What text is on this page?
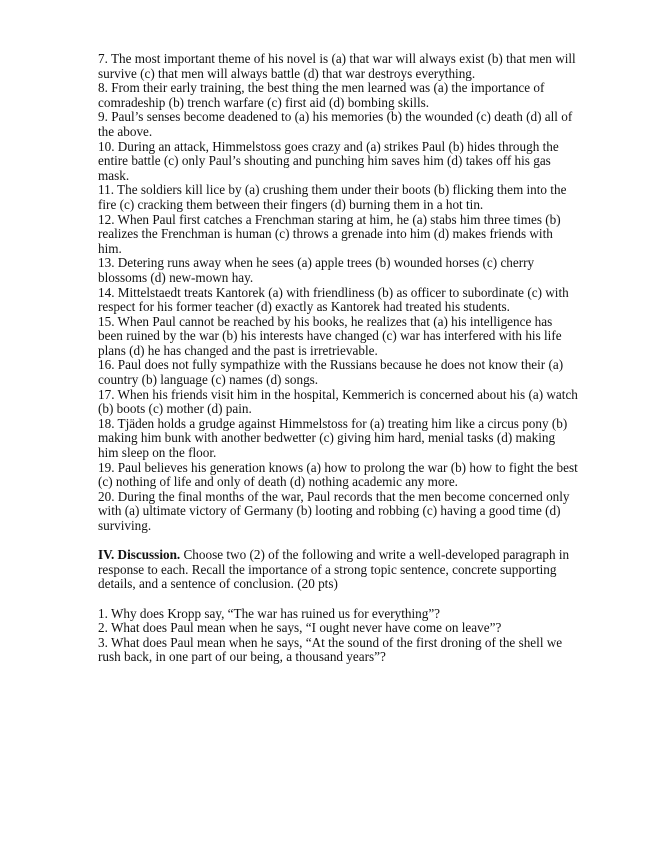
7. The most important theme of his novel is (a) that war will always exist (b) that men will survive (c) that men will always battle (d) that war destroys everything.

8. From their early training, the best thing the men learned was (a) the importance of comradeship (b) trench warfare (c) first aid (d) bombing skills.

9. Paul’s senses become deadened to (a) his memories (b) the wounded (c) death (d) all of the above.

10. During an attack, Himmelstoss goes crazy and (a) strikes Paul (b) hides through the entire battle (c) only Paul’s shouting and punching him saves him (d) takes off his gas mask.

11. The soldiers kill lice by (a) crushing them under their boots (b) flicking them into the fire (c) cracking them between their fingers (d) burning them in a hot tin.

12. When Paul first catches a Frenchman staring at him, he (a) stabs him three times (b) realizes the Frenchman is human (c) throws a grenade into him (d) makes friends with him.

13. Detering runs away when he sees (a) apple trees (b) wounded horses (c) cherry blossoms (d) new-mown hay.

14. Mittelstaedt treats Kantorek (a) with friendliness (b) as officer to subordinate (c) with respect for his former teacher (d) exactly as Kantorek had treated his students.

15. When Paul cannot be reached by his books, he realizes that (a) his intelligence has been ruined by the war (b) his interests have changed (c) war has interfered with his life plans (d) he has changed and the past is irretrievable.

16. Paul does not fully sympathize with the Russians because he does not know their (a) country (b) language (c) names (d) songs.

17. When his friends visit him in the hospital, Kemmerich is concerned about his (a) watch (b) boots (c) mother (d) pain.

18. Tjäden holds a grudge against Himmelstoss for (a) treating him like a circus pony (b) making him bunk with another bedwetter (c) giving him hard, menial tasks (d) making him sleep on the floor.

19. Paul believes his generation knows (a) how to prolong the war (b) how to fight the best (c) nothing of life and only of death (d) nothing academic any more.

20. During the final months of the war, Paul records that the men become concerned only with (a) ultimate victory of Germany (b) looting and robbing (c) having a good time (d) surviving.

IV. Discussion. Choose two (2) of the following and write a well-developed paragraph in response to each. Recall the importance of a strong topic sentence, concrete supporting details, and a sentence of conclusion. (20 pts)

1. Why does Kropp say, “The war has ruined us for everything”?

2. What does Paul mean when he says, “I ought never have come on leave”?

3. What does Paul mean when he says, “At the sound of the first droning of the shell we rush back, in one part of our being, a thousand years”?
